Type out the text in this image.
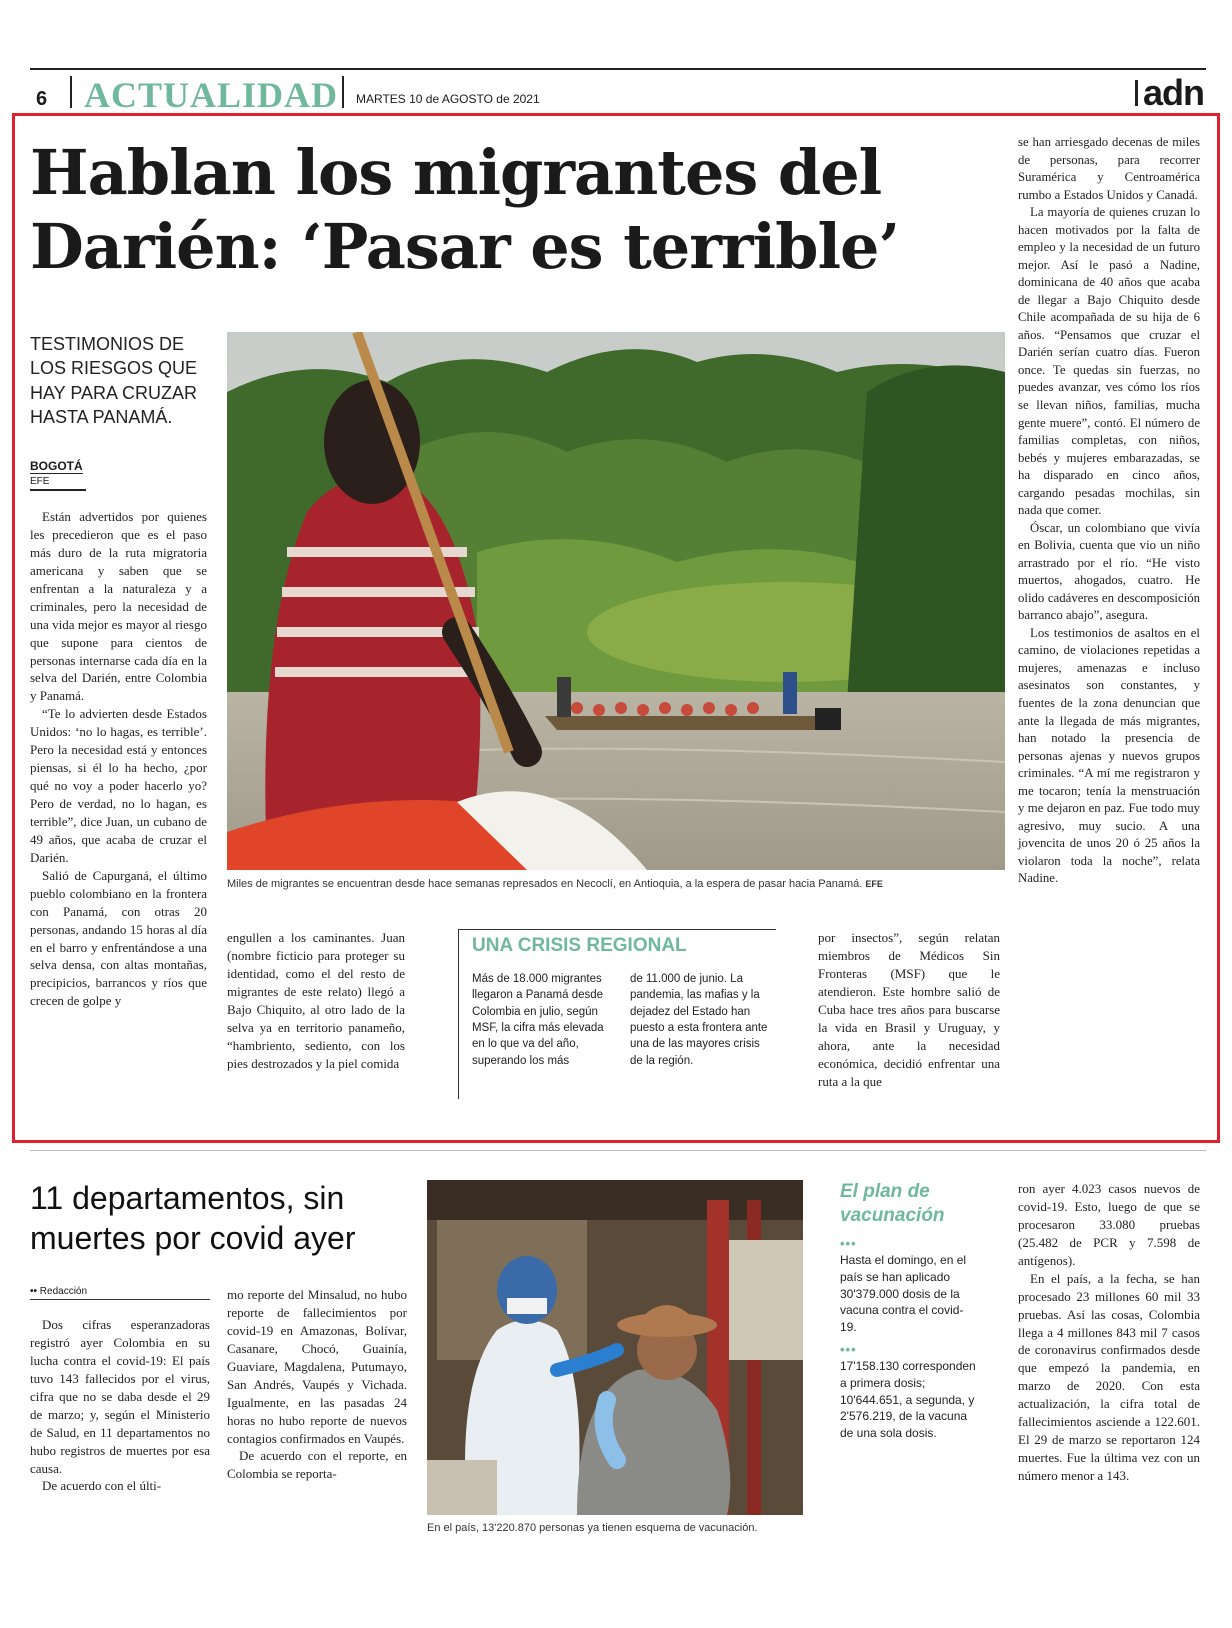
6 ACTUALIDAD MARTES 10 de AGOSTO de 2021	adn
Hablan los migrantes del
Darién: ‘Pasar es terrible’
TESTIMONIOS DE LOS RIESGOS QUE HAY PARA CRUZAR HASTA PANAMÁ.
BOGOTÁ
EFE

Están advertidos por quienes les precedieron que es el paso más duro de la ruta migratoria americana y saben que se enfrentan a la naturaleza y a criminales, pero la necesidad de una vida mejor es mayor al riesgo que supone para cientos de personas internarse cada día en la selva del Darién, entre Colombia y Panamá.

“Te lo advierten desde Estados Unidos: ‘no lo hagas, es terrible’. Pero la necesidad está y entonces piensas, si él lo ha hecho, ¿por qué no voy a poder hacerlo yo? Pero de verdad, no lo hagan, es terrible”, dice Juan, un cubano de 49 años, que acaba de cruzar el Darién.

Salió de Capurganá, el último pueblo colombiano en la frontera con Panamá, con otras 20 personas, andando 15 horas al día en el barro y enfrentándose a una selva densa, con altas montañas, precipicios, barrancos y ríos que crecen de golpe y

Miles de migrantes se encuentran desde hace semanas represados en Necoclí, en Antioquia, a la espera de pasar hacia Panamá. EFE

engullen a los caminantes. Juan (nombre ficticio para proteger su identidad, como el del resto de migrantes de este relato) llegó a Bajo Chiquito, al otro lado de la selva ya en territorio panameño, “hambriento, sediento, con los pies destrozados y la piel comida

UNA CRISIS REGIONAL
Más de 18.000 migrantes llegaron a Panamá desde Colombia en julio, según MSF, la cifra más elevada en lo que va del año, superando los más
de 11.000 de junio. La pandemia, las mafias y la dejadez del Estado han puesto a esta frontera ante una de las mayores crisis de la región.

por insectos”, según relatan miembros de Médicos Sin Fronteras (MSF) que le atendieron. Este hombre salió de Cuba hace tres años para buscarse la vida en Brasil y Uruguay, y ahora, ante la necesidad económica, decidió enfrentar una ruta a la que

se han arriesgado decenas de miles de personas, para recorrer Suramérica y Centroamérica rumbo a Estados Unidos y Canadá.

La mayoría de quienes cruzan lo hacen motivados por la falta de empleo y la necesidad de un futuro mejor. Así le pasó a Nadine, dominicana de 40 años que acaba de llegar a Bajo Chiquito desde Chile acompañada de su hija de 6 años. “Pensamos que cruzar el Darién serían cuatro días. Fueron once. Te quedas sin fuerzas, no puedes avanzar, ves cómo los ríos se llevan niños, familias, mucha gente muere”, contó. El número de familias completas, con niños, bebés y mujeres embarazadas, se ha disparado en cinco años, cargando pesadas mochilas, sin nada que comer.

Óscar, un colombiano que vivía en Bolivia, cuenta que vio un niño arrastrado por el río. “He visto muertos, ahogados, cuatro. He olido cadáveres en descomposición barranco abajo”, asegura.

Los testimonios de asaltos en el camino, de violaciones repetidas a mujeres, amenazas e incluso asesinatos son constantes, y fuentes de la zona denuncian que ante la llegada de más migrantes, han notado la presencia de personas ajenas y nuevos grupos criminales. “A mí me registraron y me tocaron; tenía la menstruación y me dejaron en paz. Fue todo muy agresivo, muy sucio. A una jovencita de unos 20 ó 25 años la violaron toda la noche”, relata Nadine.

11 departamentos, sin muertes por covid ayer
•• Redacción

Dos cifras esperanzadoras registró ayer Colombia en su lucha contra el covid-19: El país tuvo 143 fallecidos por el virus, cifra que no se daba desde el 29 de marzo; y, según el Ministerio de Salud, en 11 departamentos no hubo registros de muertes por esa causa.

De acuerdo con el últi-

mo reporte del Minsalud, no hubo reporte de fallecimientos por covid-19 en Amazonas, Bolívar, Casanare, Chocó, Guainía, Guaviare, Magdalena, Putumayo, San Andrés, Vaupés y Vichada. Igualmente, en las pasadas 24 horas no hubo reporte de nuevos contagios confirmados en Vaupés.

De acuerdo con el reporte, en Colombia se reporta-

En el país, 13'220.870 personas ya tienen esquema de vacunación.
El plan de vacunación
•••
Hasta el domingo, en el país se han aplicado 30'379.000 dosis de la vacuna contra el covid-19.
•••
17'158.130 corresponden a primera dosis; 10'644.651, a segunda, y 2'576.219, de la vacuna de una sola dosis.

ron ayer 4.023 casos nuevos de covid-19. Esto, luego de que se procesaron 33.080 pruebas (25.482 de PCR y 7.598 de antígenos).

En el país, a la fecha, se han procesado 23 millones 60 mil 33 pruebas. Así las cosas, Colombia llega a 4 millones 843 mil 7 casos de coronavirus confirmados desde que empezó la pandemia, en marzo de 2020. Con esta actualización, la cifra total de fallecimientos asciende a 122.601. El 29 de marzo se reportaron 124 muertes. Fue la última vez con un número menor a 143.
